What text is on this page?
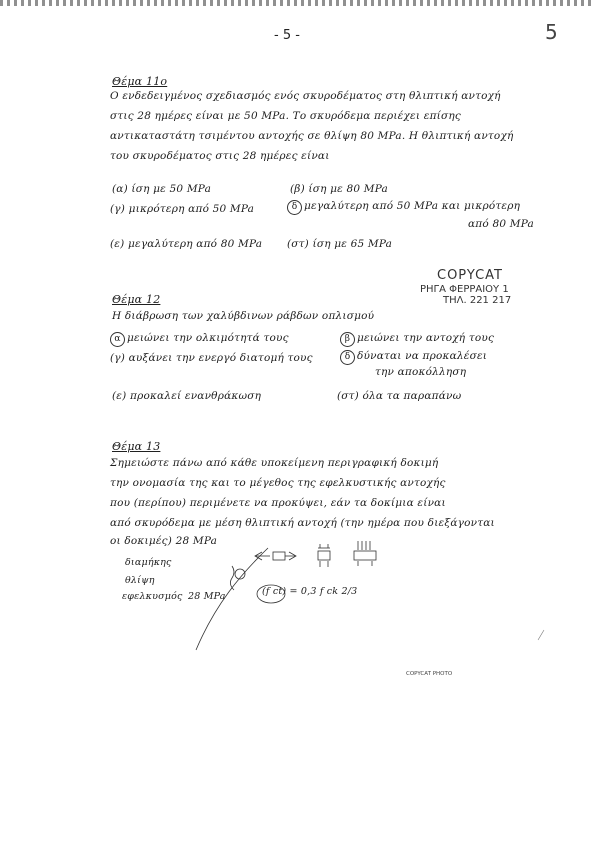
- 5 -	5
Θέμα 11ο
Ο ενδεδειγμένος σχεδιασμός ενός σκυροδέματος στη θλιπτική αντοχή
στις 28 ημέρες είναι με 50 MPa. Το σκυρόδεμα περιέχει επίσης
αντικαταστάτη τσιμέντου αντοχής σε θλίψη 80 MPa. Η θλιπτική αντοχή
του σκυροδέματος στις 28 ημέρες είναι
(α) ίση με 50 MPa	(β) ίση με 80 MPa
(γ) μικρότερη από 50 MPa	δ μεγαλύτερη από 50 MPa και μικρότερη
από 80 MPa
(ε) μεγαλύτερη από 80 MPa (στ) ίση με 65 MPa
COPYCAT
ΡΗΓΑ ΦΕΡΡΑΙΟΥ 1
ΤΗΛ. 221 217
Θέμα 12
Η διάβρωση των χαλύβδινων ράβδων οπλισμού
α μειώνει την ολκιμότητά τους	β μειώνει την αντοχή τους
(γ) αυξάνει την ενεργό διατομή τους	δ δύναται να προκαλέσει
την αποκόλληση
(ε) προκαλεί ενανθράκωση	(στ) όλα τα παραπάνω
Θέμα 13
Σημειώστε πάνω από κάθε υποκείμενη περιγραφική δοκιμή
την ονομασία της και το μέγεθος της εφελκυστικής αντοχής
που (περίπου) περιμένετε να προκύψει, εάν τα δοκίμια είναι
από σκυρόδεμα με μέση θλιπτική αντοχή (την ημέρα που διεξάγονται
οι δοκιμές) 28 MPa
διαμήκης
θλίψη
εφελκυσμός 28 MPa	(f ct) = 0,3 f ck 2/3
COPYCAT PHOTO
